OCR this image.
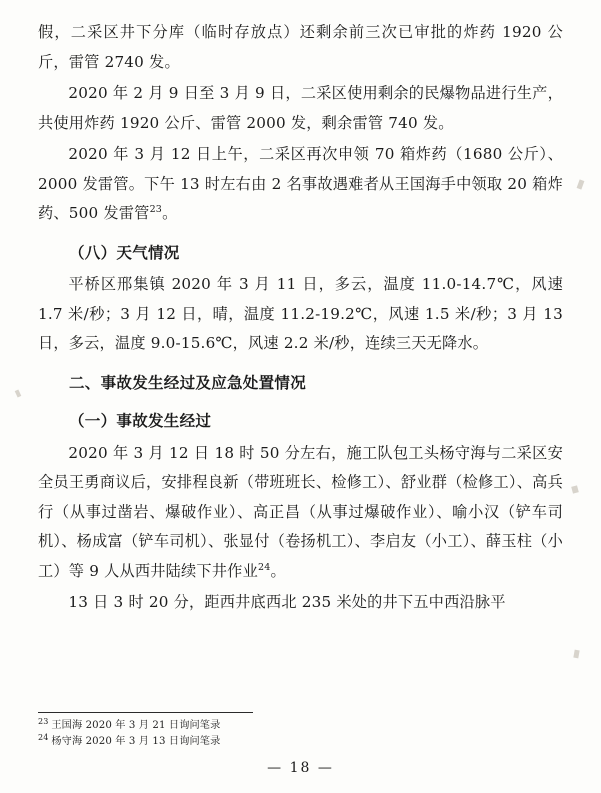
假，二采区井下分库（临时存放点）还剩余前三次已审批的炸药 1920 公斤，雷管 2740 发。

2020 年 2 月 9 日至 3 月 9 日，二采区使用剩余的民爆物品进行生产，共使用炸药 1920 公斤、雷管 2000 发，剩余雷管 740 发。

2020 年 3 月 12 日上午，二采区再次申领 70 箱炸药（1680 公斤）、2000 发雷管。下午 13 时左右由 2 名事故遇难者从王国海手中领取 20 箱炸药、500 发雷管$^{23}$。

（八）天气情况

平桥区邢集镇 2020 年 3 月 11 日，多云，温度 11.0-14.7℃，风速 1.7 米/秒；3 月 12 日，晴，温度 11.2-19.2℃，风速 1.5 米/秒；3 月 13 日，多云，温度 9.0-15.6℃，风速 2.2 米/秒，连续三天无降水。

二、事故发生经过及应急处置情况
（一）事故发生经过

2020 年 3 月 12 日 18 时 50 分左右，施工队包工头杨守海与二采区安全员王勇商议后，安排程良新（带班班长、检修工）、舒业群（检修工）、高兵行（从事过凿岩、爆破作业）、高正昌（从事过爆破作业）、喻小汉（铲车司机）、杨成富（铲车司机）、张显付（卷扬机工）、李启友（小工）、薛玉柱（小工）等 9 人从西井陆续下井作业$^{24}$。

13 日 3 时 20 分，距西井底西北 235 米处的井下五中西沿脉平

$^{23}$ 王国海 2020 年 3 月 21 日询问笔录
$^{24}$ 杨守海 2020 年 3 月 13 日询问笔录
— 18 —
